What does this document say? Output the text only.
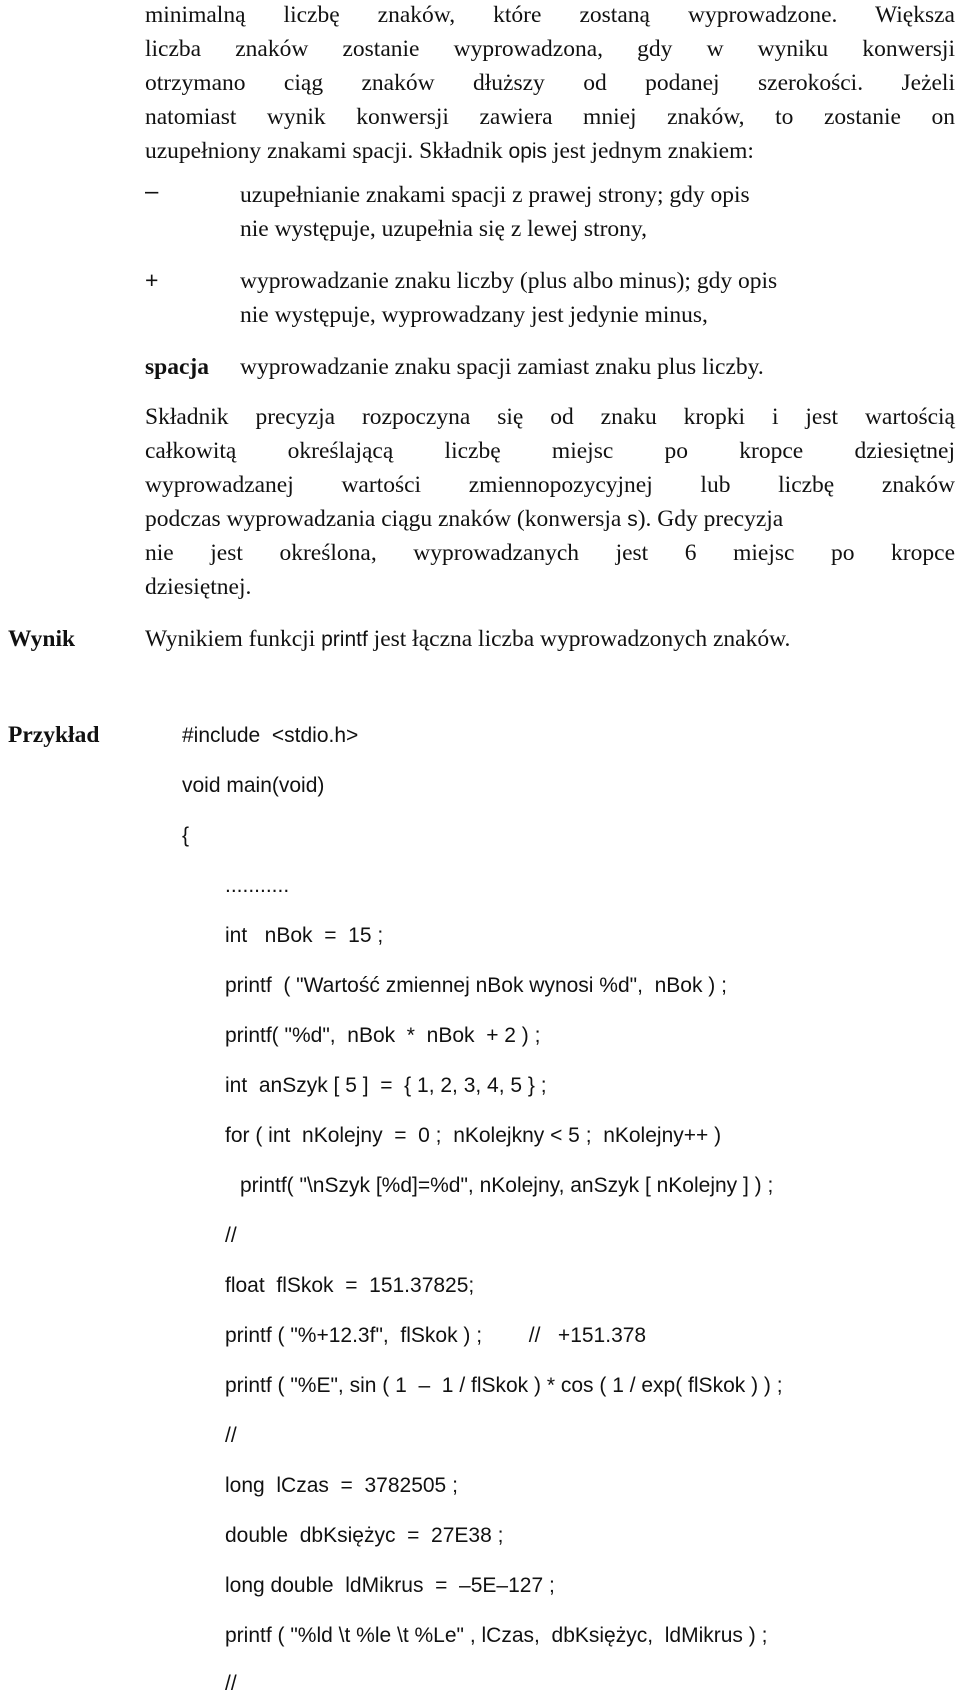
minimalną liczbę znaków, które zostaną wyprowadzone. Większa
liczba znaków zostanie wyprowadzona, gdy w wyniku konwersji
otrzymano ciąg znaków dłuższy od podanej szerokości. Jeżeli
natomiast wynik konwersji zawiera mniej znaków, to zostanie on
uzupełniony znakami spacji. Składnik opis jest jednym znakiem:
–	uzupełnianie znakami spacji z prawej strony; gdy opis
nie występuje, uzupełnia się z lewej strony,
+	wyprowadzanie znaku liczby (plus albo minus); gdy opis
nie występuje, wyprowadzany jest jedynie minus,
spacja wyprowadzanie znaku spacji zamiast znaku plus liczby.
Składnik precyzja rozpoczyna się od znaku kropki i jest wartością
całkowitą określającą liczbę miejsc po kropce dziesiętnej
wyprowadzanej wartości zmiennopozycyjnej lub liczbę znaków
podczas wyprowadzania ciągu znaków (konwersja s). Gdy precyzja
nie jest określona, wyprowadzanych jest 6 miejsc po kropce
dziesiętnej.
Wynik	Wynikiem funkcji printf jest łączna liczba wyprowadzonych znaków.
Przykład	#include  <stdio.h>
void main(void)
{
...........
int   nBok  =  15 ;
printf  ( "Wartość zmiennej nBok wynosi %d",  nBok ) ;
printf( "%d",  nBok  *  nBok  + 2 ) ;
int  anSzyk [ 5 ]  =  { 1, 2, 3, 4, 5 } ;
for ( int  nKolejny  =  0 ;  nKolejkny < 5 ;  nKolejny++ )
printf( "\nSzyk [%d]=%d", nKolejny, anSzyk [ nKolejny ] ) ;
//
float  flSkok  =  151.37825;
printf ( "%+12.3f",  flSkok ) ;        //   +151.378
printf ( "%E", sin ( 1  –  1 / flSkok ) * cos ( 1 / exp( flSkok ) ) ;
//
long  lCzas  =  3782505 ;
double  dbKsiężyc  =  27E38 ;
long double  ldMikrus  =  –5E–127 ;
printf ( "%ld \t %le \t %Le" , lCzas,  dbKsiężyc,  ldMikrus ) ;
//
